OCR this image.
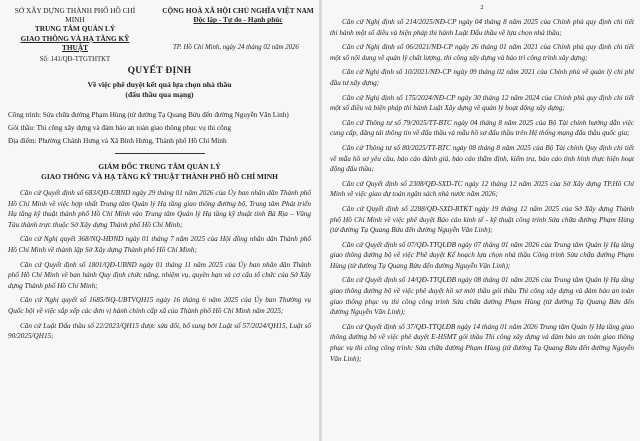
SỞ XÂY DỰNG THÀNH PHỐ HỒ CHÍ MINH
TRUNG TÂM QUẢN LÝ
GIAO THÔNG VÀ HẠ TẦNG KỸ THUẬT
Số: 141/QĐ-TTGTHTKT
CỘNG HOÀ XÃ HỘI CHỦ NGHĨA VIỆT NAM
Độc lập - Tự do - Hạnh phúc
TP. Hồ Chí Minh, ngày 24 tháng 02 năm 2026
QUYẾT ĐỊNH
Về việc phê duyệt kết quả lựa chọn nhà thầu
(đấu thầu qua mạng)

Công trình: Sửa chữa đường Phạm Hùng (từ đường Tạ Quang Bửu đến đường Nguyễn Văn Linh)

Gói thầu: Thi công xây dựng và đảm bảo an toàn giao thông phục vụ thi công

Địa điểm: Phường Chánh Hưng và Xã Bình Hưng, Thành phố Hồ Chí Minh

GIÁM ĐỐC TRUNG TÂM QUẢN LÝ
GIAO THÔNG VÀ HẠ TẦNG KỸ THUẬT THÀNH PHỐ HỒ CHÍ MINH

Căn cứ Quyết định số 683/QĐ-UBND ngày 29 tháng 01 năm 2026 của Ủy ban nhân dân Thành phố Hồ Chí Minh về việc hợp nhất Trung tâm Quản lý Hạ tầng giao thông đường bộ, Trung tâm Phát triển Hạ tầng kỹ thuật thành phố Hồ Chí Minh vào Trung tâm Quản lý Hạ tầng kỹ thuật tỉnh Bà Rịa – Vũng Tàu thành trực thuộc Sở Xây dựng Thành phố Hồ Chí Minh;

Căn cứ Nghị quyết 368/NQ-HĐND ngày 01 tháng 7 năm 2025 của Hội đồng nhân dân Thành phố Hồ Chí Minh về thành lập Sở Xây dựng Thành phố Hồ Chí Minh;

Căn cứ Quyết định số 1801/QĐ-UBND ngày 01 tháng 11 năm 2025 của Ủy ban nhân dân Thành phố Hồ Chí Minh về ban hành Quy định chức năng, nhiệm vụ, quyền hạn và cơ cấu tổ chức của Sở Xây dựng Thành phố Hồ Chí Minh;

Căn cứ Nghị quyết số 1685/NQ-UBTVQH15 ngày 16 tháng 6 năm 2025 của Ủy ban Thường vụ Quốc hội về việc sắp xếp các đơn vị hành chính cấp xã của Thành phố Hồ Chí Minh năm 2025;

Căn cứ Luật Đấu thầu số 22/2023/QH15 được sửa đổi, bổ sung bởi Luật số 57/2024/QH15, Luật số 90/2025/QH15;

2

Căn cứ Nghị định số 214/2025/NĐ-CP ngày 04 tháng 8 năm 2025 của Chính phủ quy định chi tiết thi hành một số điều và biện pháp thi hành Luật Đấu thầu về lựa chọn nhà thầu;

Căn cứ Nghị định số 06/2021/NĐ-CP ngày 26 tháng 01 năm 2021 của Chính phủ quy định chi tiết một số nội dung về quản lý chất lượng, thi công xây dựng và bảo trì công trình xây dựng;

Căn cứ Nghị định số 10/2021/NĐ-CP ngày 09 tháng 02 năm 2021 của Chính phủ về quản lý chi phí đầu tư xây dựng;

Căn cứ Nghị định số 175/2024/NĐ-CP ngày 30 tháng 12 năm 2024 của Chính phủ quy định chi tiết một số điều và biện pháp thi hành Luật Xây dựng về quản lý hoạt động xây dựng;

Căn cứ Thông tư số 79/2025/TT-BTC ngày 04 tháng 8 năm 2025 của Bộ Tài chính hướng dẫn việc cung cấp, đăng tải thông tin về đấu thầu và mẫu hồ sơ đấu thầu trên Hệ thống mạng đấu thầu quốc gia;

Căn cứ Thông tư số 80/2025/TT-BTC ngày 08 tháng 8 năm 2025 của Bộ Tài chính Quy định chi tiết về mẫu hồ sơ yêu cầu, báo cáo đánh giá, báo cáo thẩm định, kiểm tra, báo cáo tình hình thực hiện hoạt động đấu thầu;

Căn cứ Quyết định số 2308/QĐ-SXD-TC ngày 12 tháng 12 năm 2025 của Sở Xây dựng TP.Hồ Chí Minh về việc giao dự toán ngân sách nhà nước năm 2026;

Căn cứ Quyết định số 2288/QĐ-SXD-BTKT ngày 19 tháng 12 năm 2025 của Sở Xây dựng Thành phố Hồ Chí Minh về việc phê duyệt Báo cáo kinh tế - kỹ thuật công trình Sửa chữa đường Phạm Hùng (từ đường Tạ Quang Bửu đến đường Nguyễn Văn Linh);

Căn cứ Quyết định số 07/QĐ-TTQLĐB ngày 07 tháng 01 năm 2026 của Trung tâm Quản lý Hạ tầng giao thông đường bộ về việc Phê duyệt Kế hoạch lựa chọn nhà thầu Công trình Sửa chữa đường Phạm Hùng (từ đường Tạ Quang Bửu đến đường Nguyễn Văn Linh);

Căn cứ Quyết định số 14/QĐ-TTQLĐB ngày 08 tháng 01 năm 2026 của Trung tâm Quản lý Hạ tầng giao thông đường bộ về việc phê duyệt hồ sơ mời thầu gói thầu Thi công xây dựng và đảm bảo an toàn giao thông phục vụ thi công công trình Sửa chữa đường Phạm Hùng (từ đường Tạ Quang Bửu đến đường Nguyễn Văn Linh);

Căn cứ Quyết định số 37/QĐ-TTQLĐB ngày 14 tháng 01 năm 2026 Trung tâm Quản lý Hạ tầng giao thông đường bộ về việc phê duyệt E-HSMT gói thầu Thi công xây dựng và đảm bảo an toàn giao thông phục vụ thi công công trình: Sửa chữa đường Phạm Hùng (từ đường Tạ Quang Bửu đến đường Nguyễn Văn Linh);
